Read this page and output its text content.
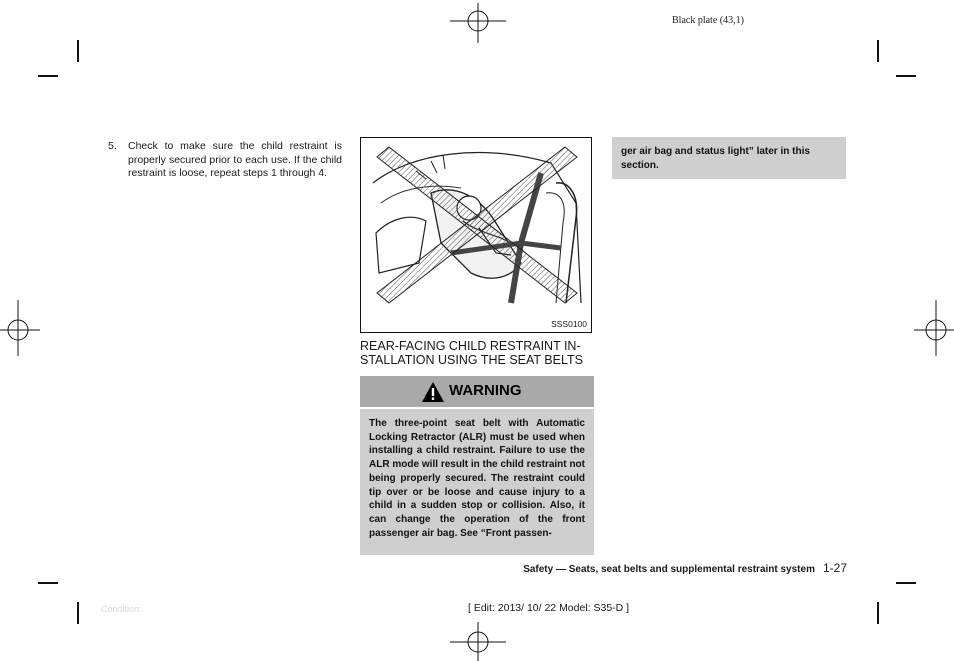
Black plate (43,1)
5. Check to make sure the child restraint is properly secured prior to each use. If the child restraint is loose, repeat steps 1 through 4.
SSS0100
REAR-FACING CHILD RESTRAINT IN-
STALLATION USING THE SEAT BELTS
WARNING
The three-point seat belt with Automatic Locking Retractor (ALR) must be used when installing a child restraint. Failure to use the ALR mode will result in the child restraint not being properly secured. The restraint could tip over or be loose and cause injury to a child in a sudden stop or collision. Also, it can change the operation of the front passenger air bag. See “Front passen-
ger air bag and status light” later in this section.
Safety — Seats, seat belts and supplemental restraint system 1-27
Condition:	[ Edit: 2013/ 10/ 22 Model: S35-D ]
